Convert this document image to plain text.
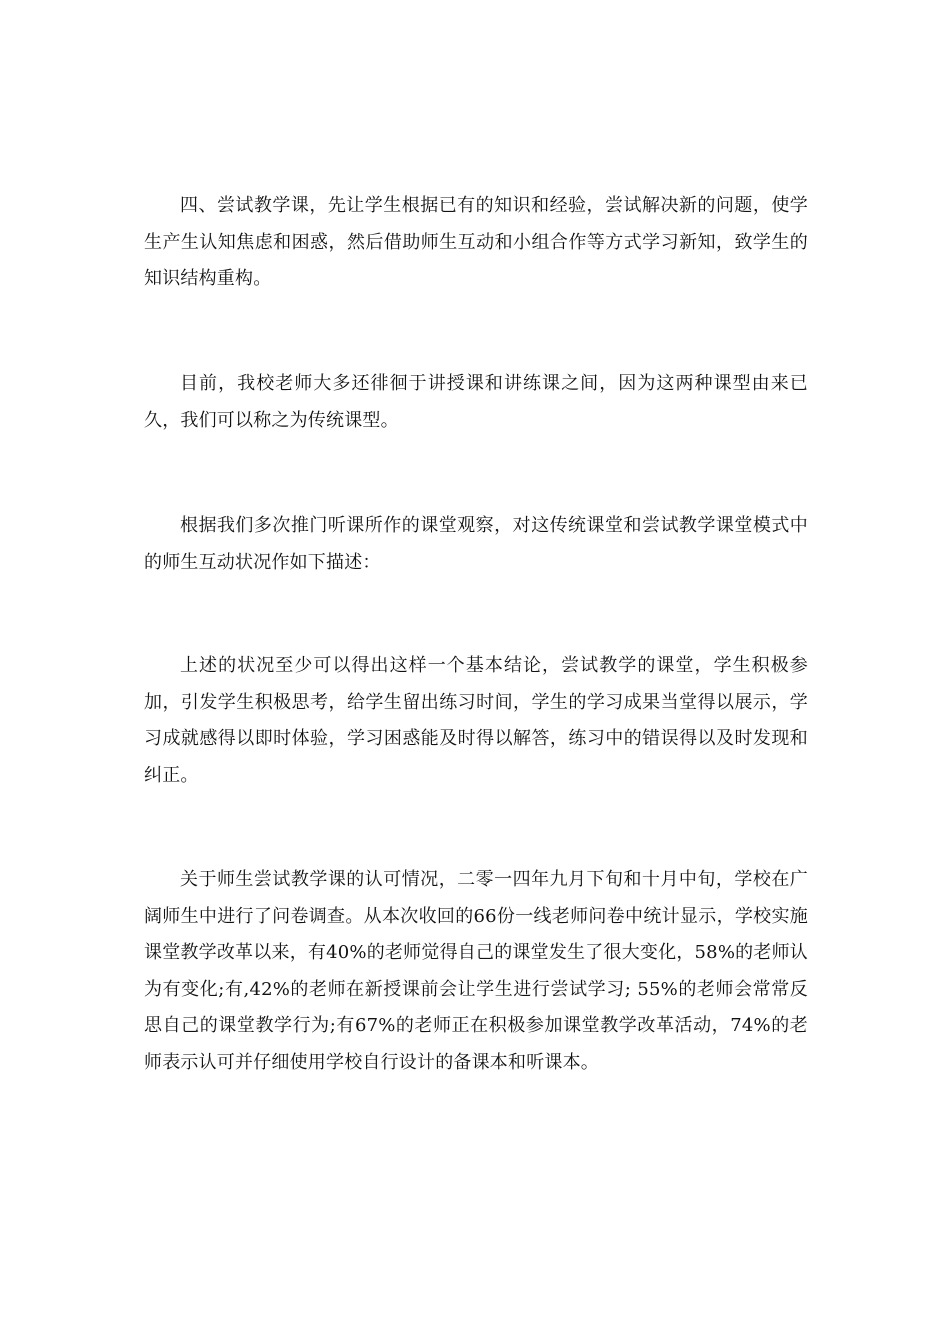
四、尝试教学课，先让学生根据已有的知识和经验，尝试解决新的问题，使学生产生认知焦虑和困惑，然后借助师生互动和小组合作等方式学习新知，致学生的知识结构重构。

目前，我校老师大多还徘徊于讲授课和讲练课之间，因为这两种课型由来已久，我们可以称之为传统课型。

根据我们多次推门听课所作的课堂观察，对这传统课堂和尝试教学课堂模式中的师生互动状况作如下描述：

上述的状况至少可以得出这样一个基本结论，尝试教学的课堂，学生积极参加，引发学生积极思考，给学生留出练习时间，学生的学习成果当堂得以展示，学习成就感得以即时体验，学习困惑能及时得以解答，练习中的错误得以及时发现和纠正。

关于师生尝试教学课的认可情况，二零一四年九月下旬和十月中旬，学校在广阔师生中进行了问卷调查。从本次收回的66份一线老师问卷中统计显示，学校实施课堂教学改革以来，有40%的老师觉得自己的课堂发生了很大变化，58%的老师认为有变化;有,42%的老师在新授课前会让学生进行尝试学习; 55%的老师会常常反思自己的课堂教学行为;有67%的老师正在积极参加课堂教学改革活动，74%的老师表示认可并仔细使用学校自行设计的备课本和听课本。
